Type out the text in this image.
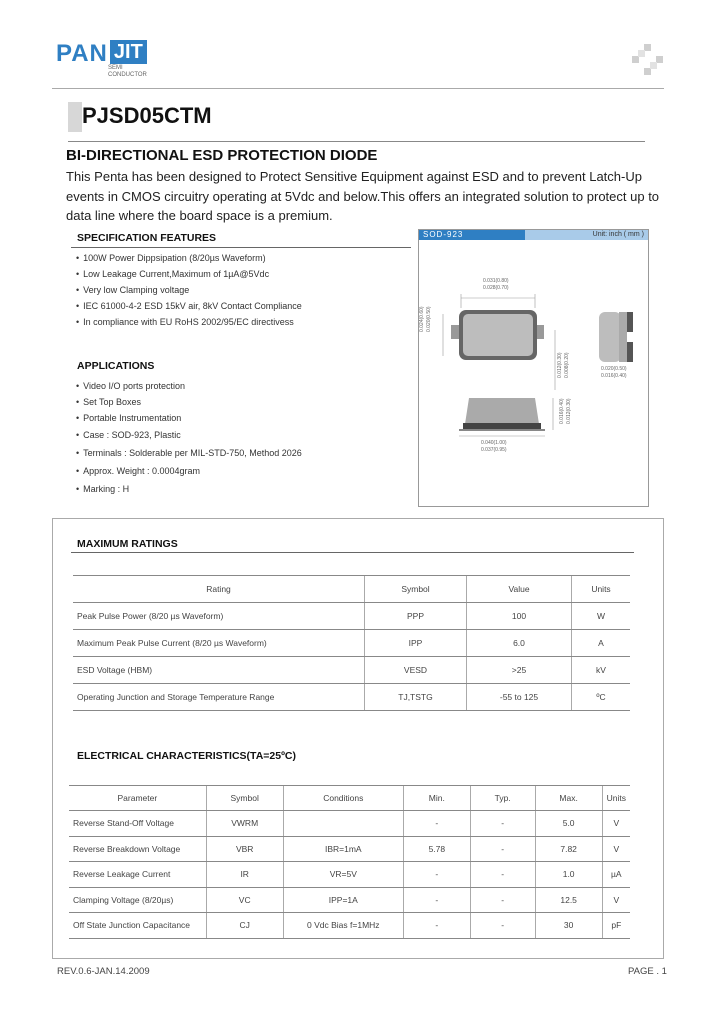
PAN JIT
SEMI
CONDUCTOR
PJSD05CTM
BI-DIRECTIONAL ESD PROTECTION DIODE
This Penta has been designed to Protect Sensitive Equipment against ESD and to prevent Latch-Up events in CMOS circuitry operating at 5Vdc and below.This offers an integrated solution to protect up to data line where the board space is a premium.
SPECIFICATION FEATURES
• 100W Power Dippsipation (8/20µs Waveform)
• Low Leakage Current,Maximum of 1µA@5Vdc
• Very low Clamping voltage
• IEC 61000-4-2 ESD 15kV air, 8kV Contact Compliance
• In compliance with EU RoHS 2002/95/EC directivess
APPLICATIONS
• Video I/O ports protection
• Set Top Boxes
• Portable Instrumentation
• Case : SOD-923, Plastic
• Terminals : Solderable per MIL-STD-750, Method 2026
• Approx. Weight : 0.0004gram
• Marking : H
SOD-923	Unit: inch ( mm )
0.031(0.80)
0.028(0.70)
0.024(0.60) 0.020(0.50)
0.012(0.30) 0.008(0.20)	0.020(0.50)
0.016(0.40)
0.016(0.40) 0.012(0.30)
0.040(1.00)
0.037(0.95)
MAXIMUM RATINGS
Rating	Symbol	Value	Units
Peak Pulse Power (8/20 µs Waveform)	PPP	100	W
Maximum Peak Pulse Current (8/20 µs Waveform)	IPP	6.0	A
ESD Voltage (HBM)	VESD	>25	kV
Operating Junction and Storage Temperature Range	TJ,TSTG	-55 to 125	ºC
ELECTRICAL CHARACTERISTICS(TA=25ºC)
Parameter	Symbol	Conditions	Min.	Typ.	Max.	Units
Reverse Stand-Off Voltage	VWRM		-	-	5.0	V
Reverse Breakdown Voltage	VBR	IBR=1mA	5.78	-	7.82	V
Reverse Leakage Current	IR	VR=5V	-	-	1.0	µA
Clamping Voltage (8/20µs)	VC	IPP=1A	-	-	12.5	V
Off State Junction Capacitance	CJ	0 Vdc Bias f=1MHz	-	-	30	pF
REV.0.6-JAN.14.2009	PAGE . 1
